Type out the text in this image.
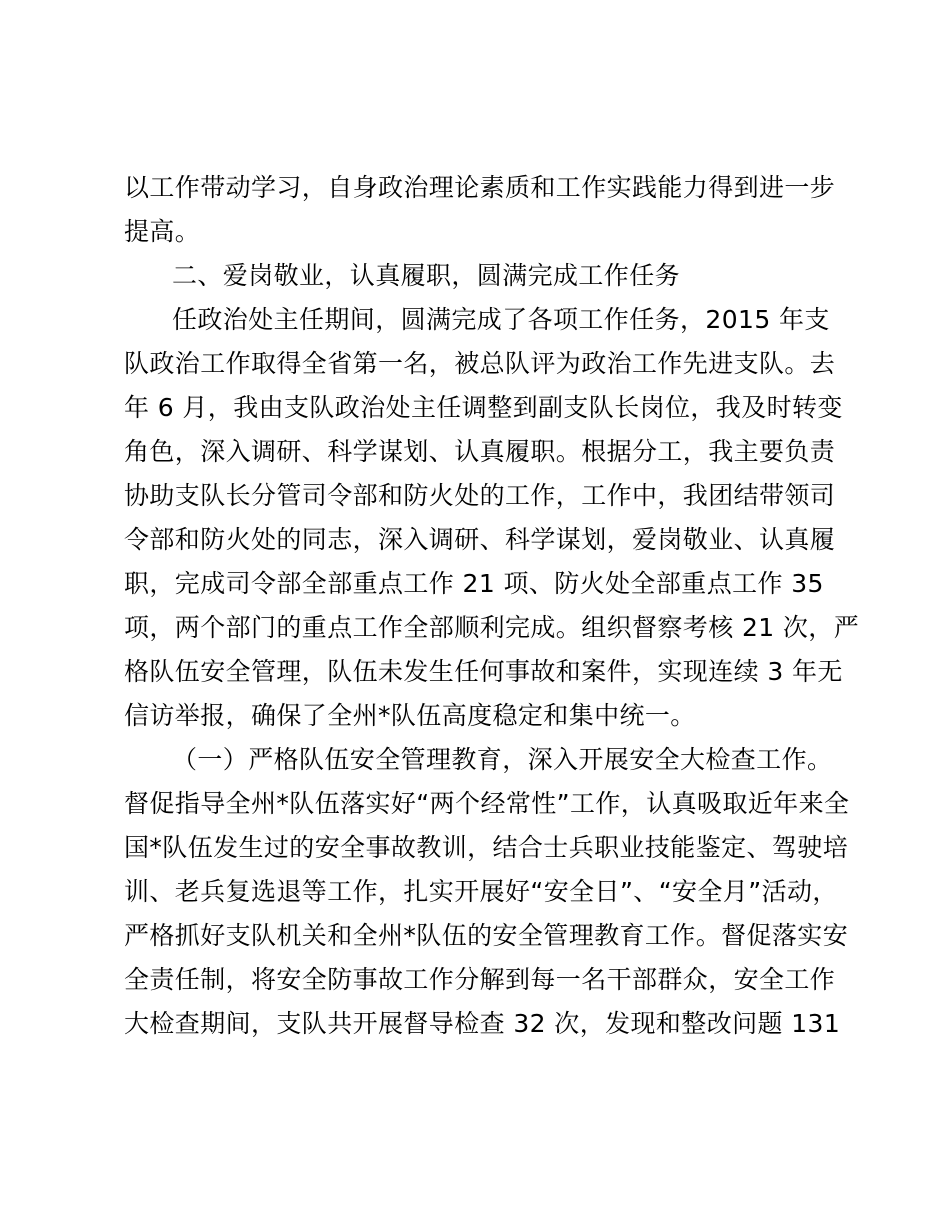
以工作带动学习，自身政治理论素质和工作实践能力得到进一步
提高。
二、爱岗敬业，认真履职，圆满完成工作任务
任政治处主任期间，圆满完成了各项工作任务，2015 年支
队政治工作取得全省第一名，被总队评为政治工作先进支队。去
年 6 月，我由支队政治处主任调整到副支队长岗位，我及时转变
角色，深入调研、科学谋划、认真履职。根据分工，我主要负责
协助支队长分管司令部和防火处的工作，工作中，我团结带领司
令部和防火处的同志，深入调研、科学谋划，爱岗敬业、认真履
职，完成司令部全部重点工作 21 项、防火处全部重点工作 35
项，两个部门的重点工作全部顺利完成。组织督察考核 21 次，严
格队伍安全管理，队伍未发生任何事故和案件，实现连续 3 年无
信访举报，确保了全州*队伍高度稳定和集中统一。
（一）严格队伍安全管理教育，深入开展安全大检查工作。
督促指导全州*队伍落实好“两个经常性”工作，认真吸取近年来全
国*队伍发生过的安全事故教训，结合士兵职业技能鉴定、驾驶培
训、老兵复选退等工作，扎实开展好“安全日”、“安全月”活动，
严格抓好支队机关和全州*队伍的安全管理教育工作。督促落实安
全责任制，将安全防事故工作分解到每一名干部群众，安全工作
大检查期间，支队共开展督导检查 32 次，发现和整改问题 131
